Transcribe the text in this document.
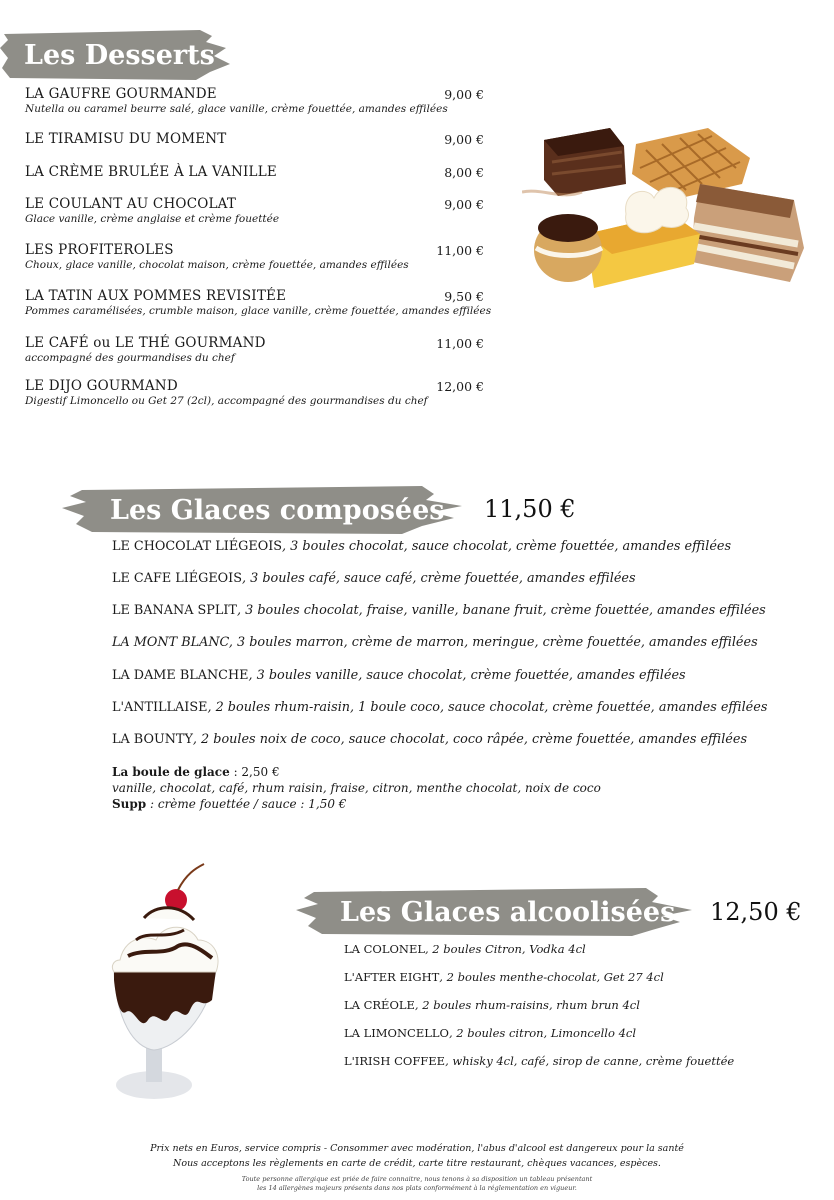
Les Desserts
LA GAUFRE GOURMANDE
Nutella ou caramel beurre salé, glace vanille, crème fouettée, amandes effilées
9,00 €
LE TIRAMISU DU MOMENT	9,00 €
LA CRÈME BRULÉE À LA VANILLE	8,00 €
LE COULANT AU CHOCOLAT
Glace vanille, crème anglaise et crème fouettée
9,00 €
LES PROFITEROLES
Choux, glace vanille, chocolat maison, crème fouettée, amandes effilées
11,00 €
LA TATIN AUX POMMES REVISITÉE
Pommes caramélisées, crumble maison, glace vanille, crème fouettée, amandes effilées
9,50 €
LE CAFÉ ou LE THÉ GOURMAND
accompagné des gourmandises du chef
11,00 €
LE DIJO GOURMAND
Digestif Limoncello ou Get 27 (2cl), accompagné des gourmandises du chef
12,00 €
Les Glaces composées 11,50 €
LE CHOCOLAT LIÉGEOIS, 3 boules chocolat, sauce chocolat, crème fouettée, amandes effilées
LE CAFE LIÉGEOIS, 3 boules café, sauce café, crème fouettée, amandes effilées
LE BANANA SPLIT, 3 boules chocolat, fraise, vanille, banane fruit, crème fouettée, amandes effilées
LA MONT BLANC, 3 boules marron, crème de marron, meringue, crème fouettée, amandes effilées
LA DAME BLANCHE, 3 boules vanille, sauce chocolat, crème fouettée, amandes effilées
L'ANTILLAISE, 2 boules rhum-raisin, 1 boule coco, sauce chocolat, crème fouettée, amandes effilées
LA BOUNTY, 2 boules noix de coco, sauce chocolat, coco râpée, crème fouettée, amandes effilées
La boule de glace : 2,50 €
vanille, chocolat, café, rhum raisin, fraise, citron, menthe chocolat, noix de coco
Supp : crème fouettée / sauce : 1,50 €
Les Glaces alcoolisées 12,50 €
LA COLONEL, 2 boules Citron, Vodka 4cl
L'AFTER EIGHT, 2 boules menthe-chocolat, Get 27 4cl
LA CRÉOLE, 2 boules rhum-raisins, rhum brun 4cl
LA LIMONCELLO, 2 boules citron, Limoncello 4cl
L'IRISH COFFEE, whisky 4cl, café, sirop de canne, crème fouettée
Prix nets en Euros, service compris - Consommer avec modération, l'abus d'alcool est dangereux pour la santé
Nous acceptons les règlements en carte de crédit, carte titre restaurant, chèques vacances, espèces.
Toute personne allergique est priée de faire connaitre, nous tenons à sa disposition un tableau présentant
les 14 allergènes majeurs présents dans nos plats conformément à la réglementation en vigueur.
